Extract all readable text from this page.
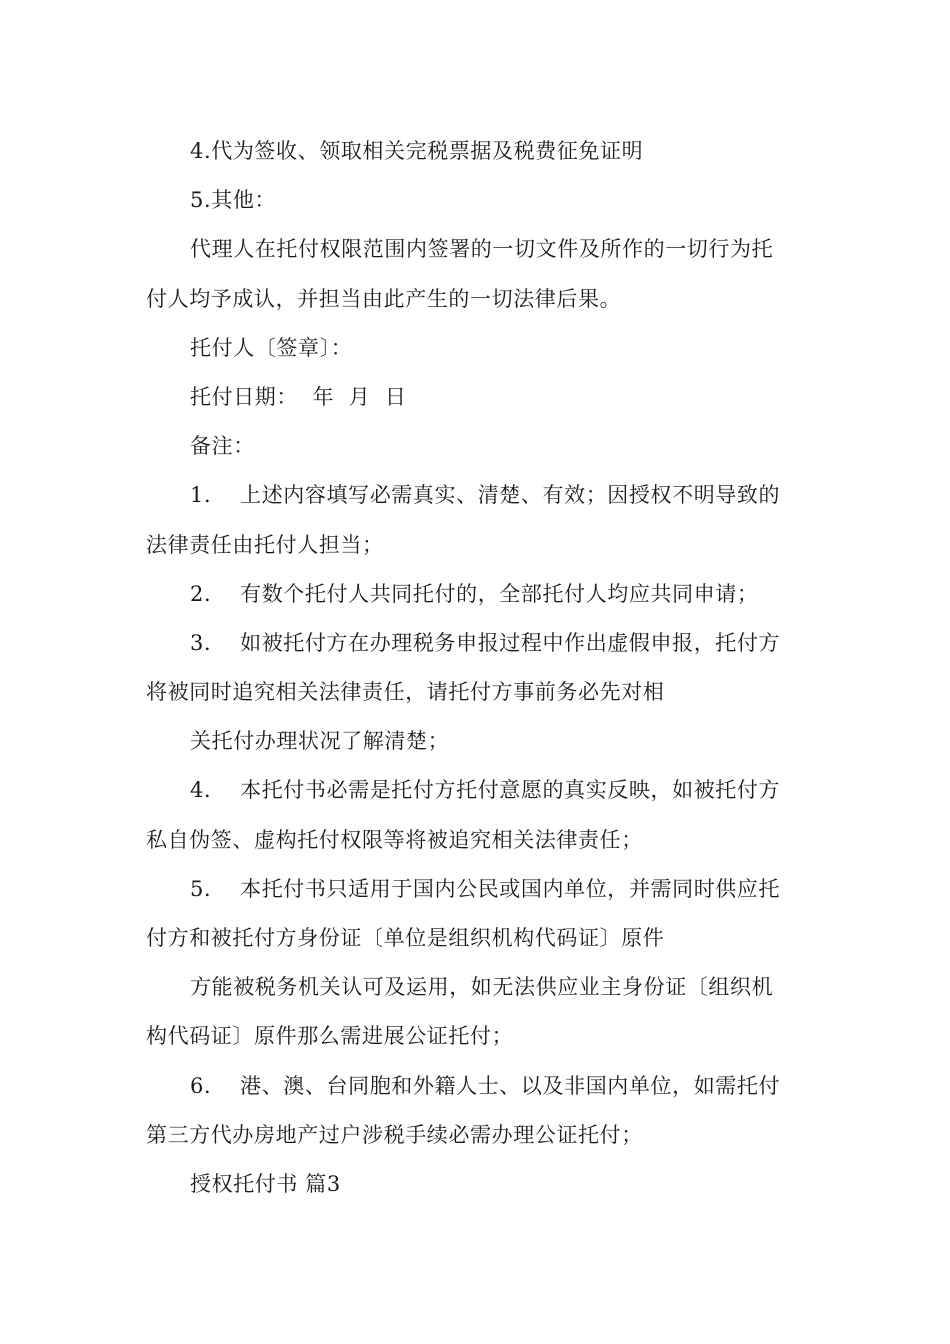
4.代为签收、领取相关完税票据及税费征免证明
5.其他：
代理人在托付权限范围内签署的一切文件及所作的一切行为托
付人均予成认，并担当由此产生的一切法律后果。
托付人〔签章〕：
托付日期：  年  月  日
备注：
1．  上述内容填写必需真实、清楚、有效；因授权不明导致的
法律责任由托付人担当；
2．  有数个托付人共同托付的，全部托付人均应共同申请；
3．  如被托付方在办理税务申报过程中作出虚假申报，托付方
将被同时追究相关法律责任，请托付方事前务必先对相
关托付办理状况了解清楚；
4．  本托付书必需是托付方托付意愿的真实反映，如被托付方
私自伪签、虚构托付权限等将被追究相关法律责任；
5．  本托付书只适用于国内公民或国内单位，并需同时供应托
付方和被托付方身份证〔单位是组织机构代码证〕原件
方能被税务机关认可及运用，如无法供应业主身份证〔组织机
构代码证〕原件那么需进展公证托付；
6．  港、澳、台同胞和外籍人士、以及非国内单位，如需托付
第三方代办房地产过户涉税手续必需办理公证托付；
授权托付书 篇3
